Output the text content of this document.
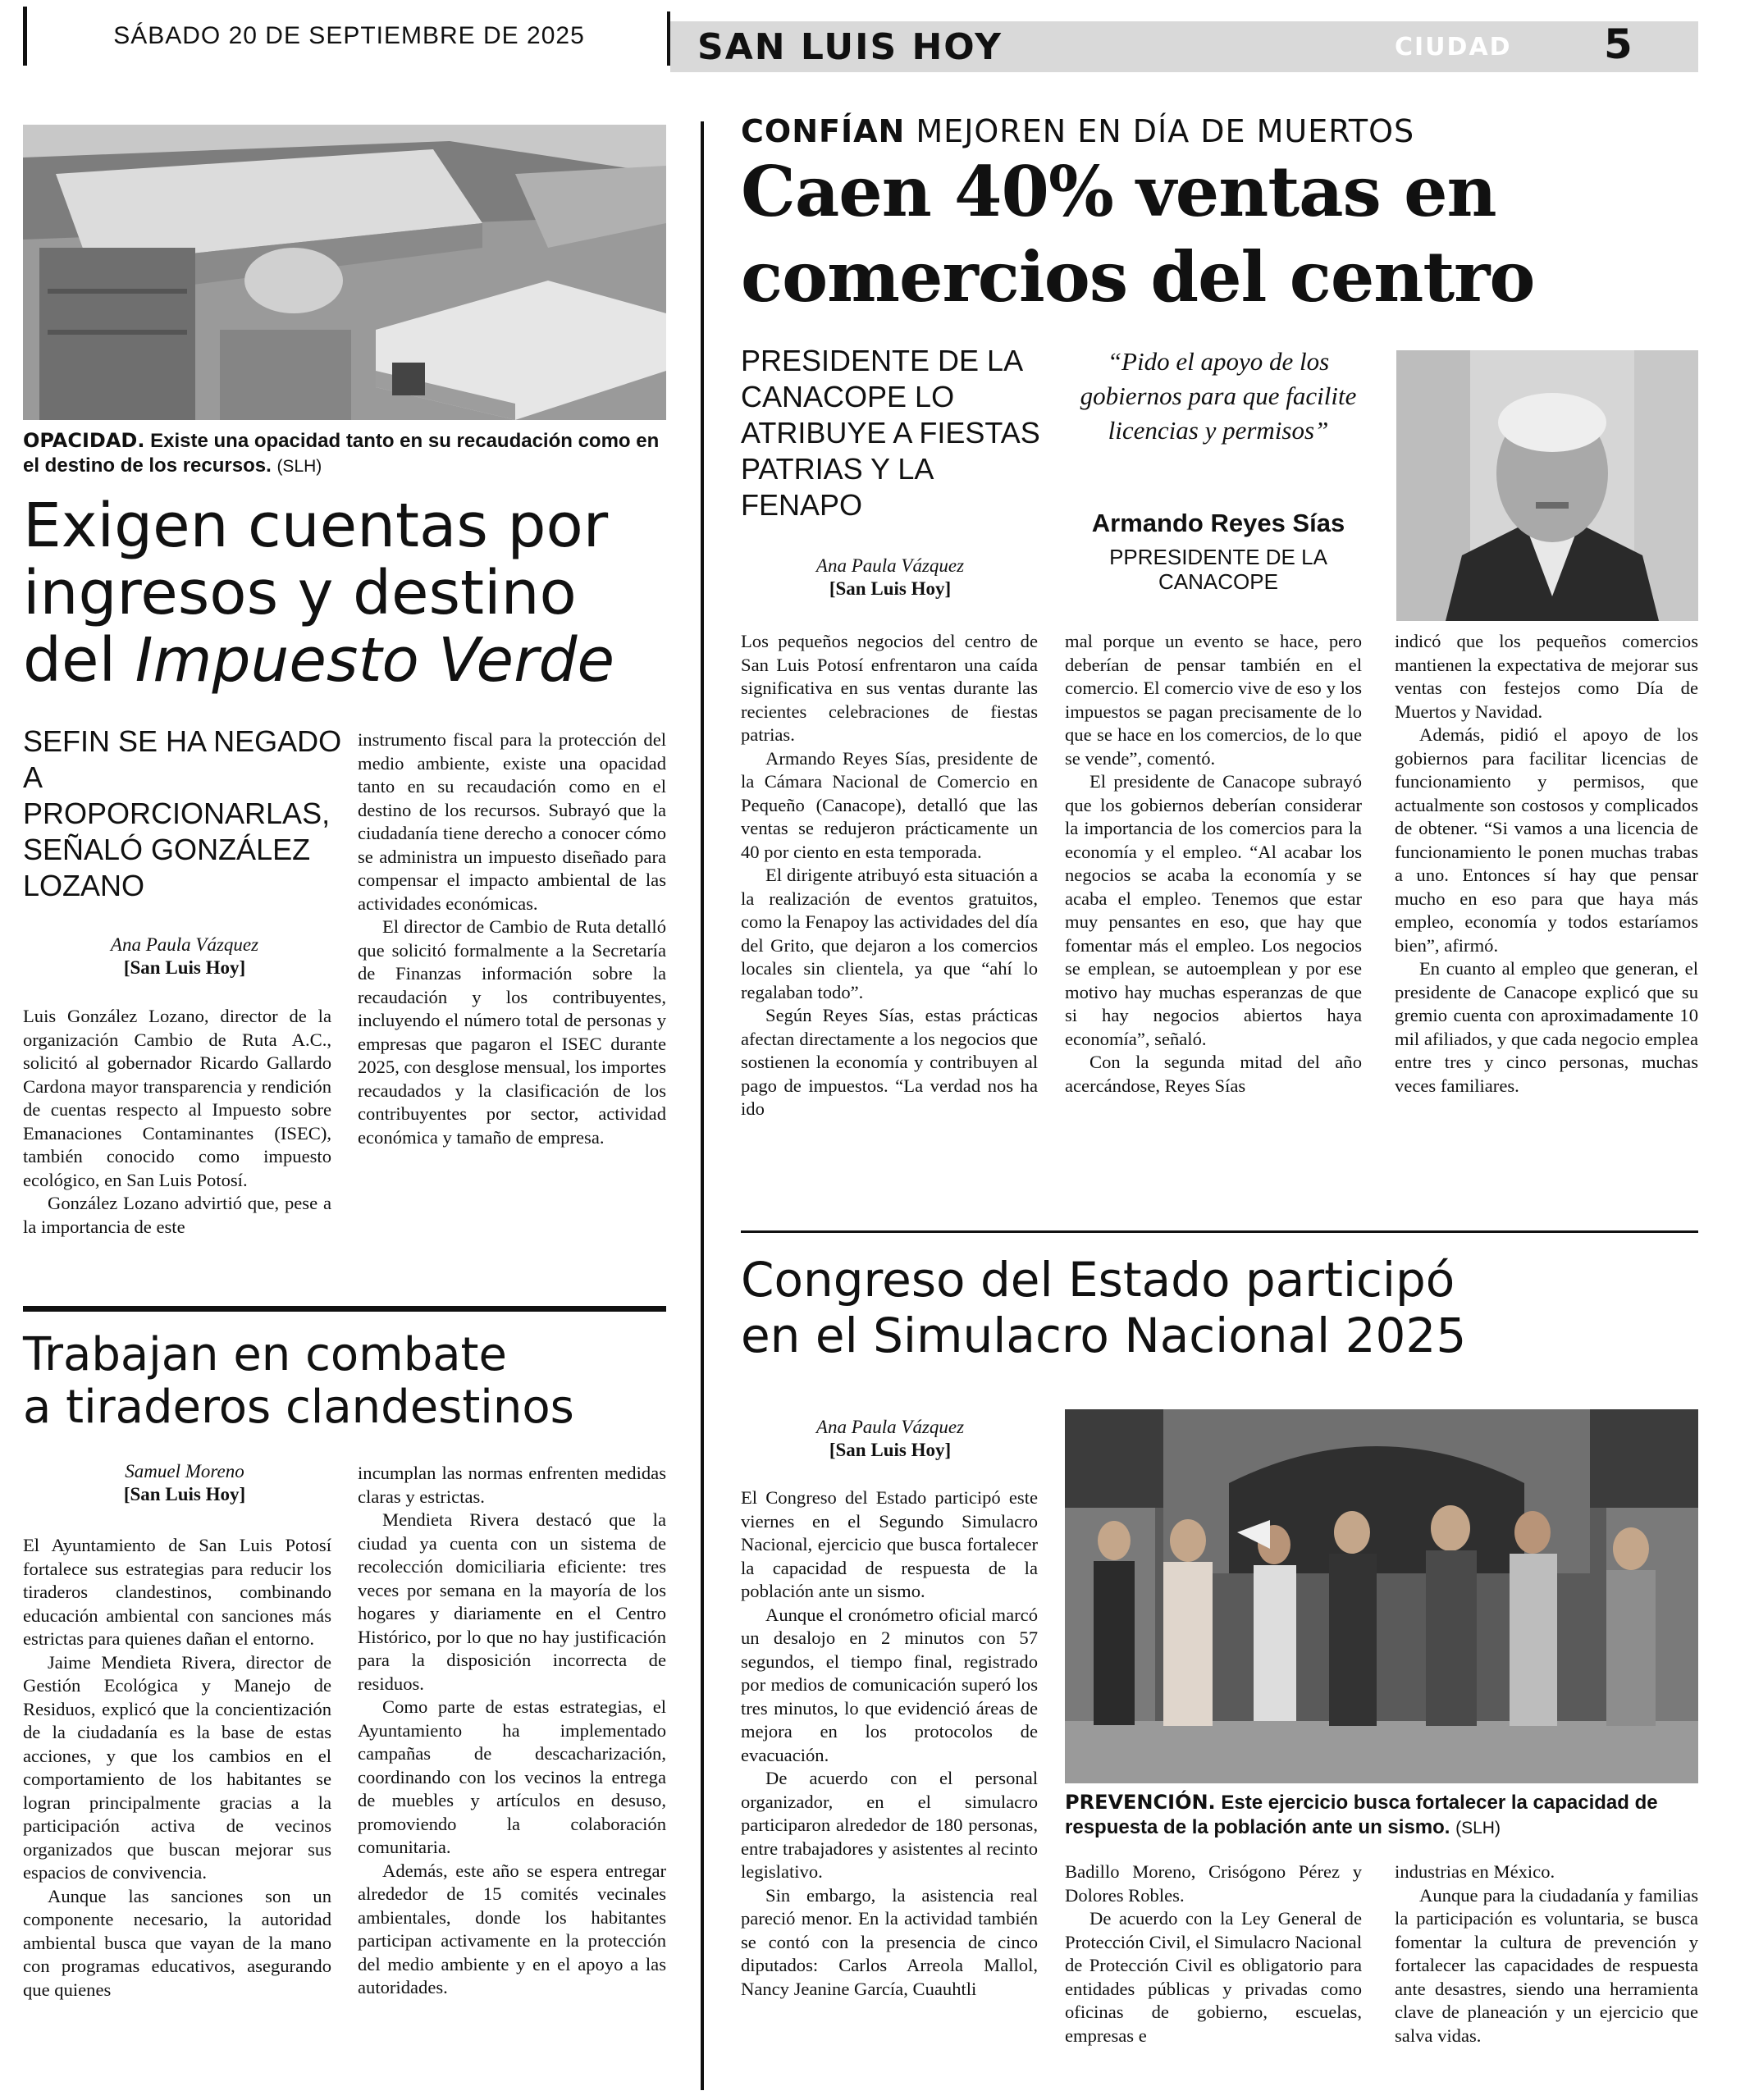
SÁBADO 20 DE SEPTIEMBRE DE 2025	SAN LUIS HOY	CIUDAD	5
OPACIDAD. Existe una opacidad tanto en su recaudación como en el destino de los recursos. (SLH)
Exigen cuentas por
ingresos y destino
del Impuesto Verde
SEFIN SE HA NEGADO A PROPORCIONARLAS, SEÑALÓ GONZÁLEZ LOZANO
Ana Paula Vázquez
[San Luis Hoy]

Luis González Lozano, director de la organización Cambio de Ruta A.C., solicitó al gobernador Ricardo Gallardo Cardona mayor transparencia y rendición de cuentas respecto al Impuesto sobre Emanaciones Contaminantes (ISEC), también conocido como impuesto ecológico, en San Luis Potosí.

González Lozano advirtió que, pese a la importancia de este

instrumento fiscal para la protección del medio ambiente, existe una opacidad tanto en su recaudación como en el destino de los recursos. Subrayó que la ciudadanía tiene derecho a conocer cómo se administra un impuesto diseñado para compensar el impacto ambiental de las actividades económicas.

El director de Cambio de Ruta detalló que solicitó formalmente a la Secretaría de Finanzas información sobre la recaudación y los contribuyentes, incluyendo el número total de personas y empresas que pagaron el ISEC durante 2025, con desglose mensual, los importes recaudados y la clasificación de los contribuyentes por sector, actividad económica y tamaño de empresa.

Trabajan en combate
a tiraderos clandestinos
Samuel Moreno
[San Luis Hoy]

El Ayuntamiento de San Luis Potosí fortalece sus estrategias para reducir los tiraderos clandestinos, combinando educación ambiental con sanciones más estrictas para quienes dañan el entorno.

Jaime Mendieta Rivera, director de Gestión Ecológica y Manejo de Residuos, explicó que la concientización de la ciudadanía es la base de estas acciones, y que los cambios en el comportamiento de los habitantes se logran principalmente gracias a la participación activa de vecinos organizados que buscan mejorar sus espacios de convivencia.

Aunque las sanciones son un componente necesario, la autoridad ambiental busca que vayan de la mano con programas educativos, asegurando que quienes

incumplan las normas enfrenten medidas claras y estrictas.

Mendieta Rivera destacó que la ciudad ya cuenta con un sistema de recolección domiciliaria eficiente: tres veces por semana en la mayoría de los hogares y diariamente en el Centro Histórico, por lo que no hay justificación para la disposición incorrecta de residuos.

Como parte de estas estrategias, el Ayuntamiento ha implementado campañas de descacharización, coordinando con los vecinos la entrega de muebles y artículos en desuso, promoviendo la colaboración comunitaria.

Además, este año se espera entregar alrededor de 15 comités vecinales ambientales, donde los habitantes participan activamente en la protección del medio ambiente y en el apoyo a las autoridades.

CONFÍAN MEJOREN EN DÍA DE MUERTOS
Caen 40% ventas en
comercios del centro
PRESIDENTE DE LA CANACOPE LO ATRIBUYE A FIESTAS PATRIAS Y LA FENAPO
Ana Paula Vázquez
[San Luis Hoy]
“Pido el apoyo de los gobiernos para que facilite licencias y permisos”
Armando Reyes Sías
PPRESIDENTE DE LA CANACOPE

Los pequeños negocios del centro de San Luis Potosí enfrentaron una caída significativa en sus ventas durante las recientes celebraciones de fiestas patrias.

Armando Reyes Sías, presidente de la Cámara Nacional de Comercio en Pequeño (Canacope), detalló que las ventas se redujeron prácticamente un 40 por ciento en esta temporada.

El dirigente atribuyó esta situación a la realización de eventos gratuitos, como la Fenapoy las actividades del día del Grito, que dejaron a los comercios locales sin clientela, ya que “ahí lo regalaban todo”.

Según Reyes Sías, estas prácticas afectan directamente a los negocios que sostienen la economía y contribuyen al pago de impuestos. “La verdad nos ha ido

mal porque un evento se hace, pero deberían de pensar también en el comercio. El comercio vive de eso y los impuestos se pagan precisamente de lo que se hace en los comercios, de lo que se vende”, comentó.

El presidente de Canacope subrayó que los gobiernos deberían considerar la importancia de los comercios para la economía y el empleo. “Al acabar los negocios se acaba la economía y se acaba el empleo. Tenemos que estar muy pensantes en eso, que hay que fomentar más el empleo. Los negocios se emplean, se autoemplean y por ese motivo hay muchas esperanzas de que si hay negocios abiertos haya economía”, señaló.

Con la segunda mitad del año acercándose, Reyes Sías

indicó que los pequeños comercios mantienen la expectativa de mejorar sus ventas con festejos como Día de Muertos y Navidad.

Además, pidió el apoyo de los gobiernos para facilitar licencias de funcionamiento y permisos, que actualmente son costosos y complicados de obtener. “Si vamos a una licencia de funcionamiento le ponen muchas trabas a uno. Entonces sí hay que pensar mucho en eso para que haya más empleo, economía y todos estaríamos bien”, afirmó.

En cuanto al empleo que generan, el presidente de Canacope explicó que su gremio cuenta con aproximadamente 10 mil afiliados, y que cada negocio emplea entre tres y cinco personas, muchas veces familiares.

Congreso del Estado participó
en el Simulacro Nacional 2025
Ana Paula Vázquez
[San Luis Hoy]
PREVENCIÓN. Este ejercicio busca fortalecer la capacidad de respuesta de la población ante un sismo. (SLH)

El Congreso del Estado participó este viernes en el Segundo Simulacro Nacional, ejercicio que busca fortalecer la capacidad de respuesta de la población ante un sismo.

Aunque el cronómetro oficial marcó un desalojo en 2 minutos con 57 segundos, el tiempo final, registrado por medios de comunicación superó los tres minutos, lo que evidenció áreas de mejora en los protocolos de evacuación.

De acuerdo con el personal organizador, en el simulacro participaron alrededor de 180 personas, entre trabajadores y asistentes al recinto legislativo.

Sin embargo, la asistencia real pareció menor. En la actividad también se contó con la presencia de cinco diputados: Carlos Arreola Mallol, Nancy Jeanine García, Cuauhtli

Badillo Moreno, Crisógono Pérez y Dolores Robles.

De acuerdo con la Ley General de Protección Civil, el Simulacro Nacional de Protección Civil es obligatorio para entidades públicas y privadas como oficinas de gobierno, escuelas, empresas e

industrias en México.

Aunque para la ciudadanía y familias la participación es voluntaria, se busca fomentar la cultura de prevención y fortalecer las capacidades de respuesta ante desastres, siendo una herramienta clave de planeación y un ejercicio que salva vidas.
